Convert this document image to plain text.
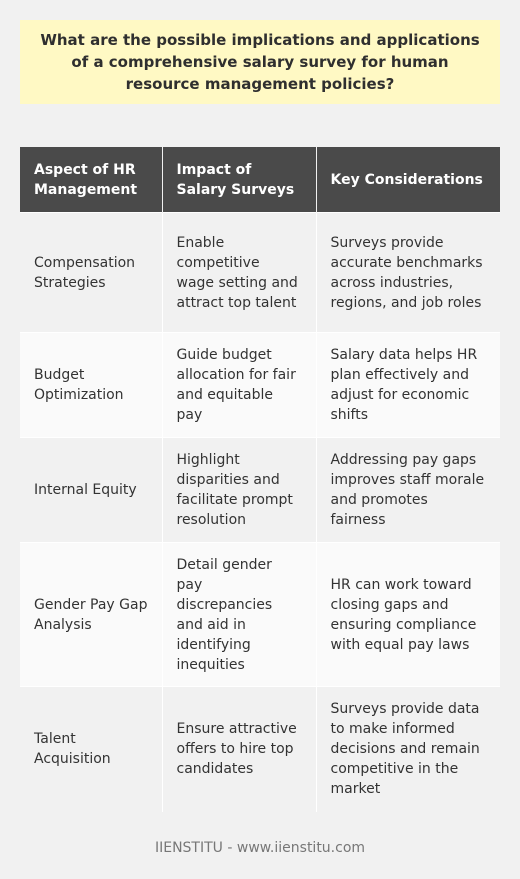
What are the possible implications and applications of a comprehensive salary survey for human resource management policies?
Aspect of HR Management	Impact of Salary Surveys	Key Considerations
Compensation Strategies	Enable competitive wage setting and attract top talent	Surveys provide accurate benchmarks across industries, regions, and job roles
Budget Optimization	Guide budget allocation for fair and equitable pay	Salary data helps HR plan effectively and adjust for economic shifts
Internal Equity	Highlight disparities and facilitate prompt resolution	Addressing pay gaps improves staff morale and promotes fairness
Gender Pay Gap Analysis	Detail gender pay discrepancies and aid in identifying inequities	HR can work toward closing gaps and ensuring compliance with equal pay laws
Talent Acquisition	Ensure attractive offers to hire top candidates	Surveys provide data to make informed decisions and remain competitive in the market
IIENSTITU - www.iienstitu.com
